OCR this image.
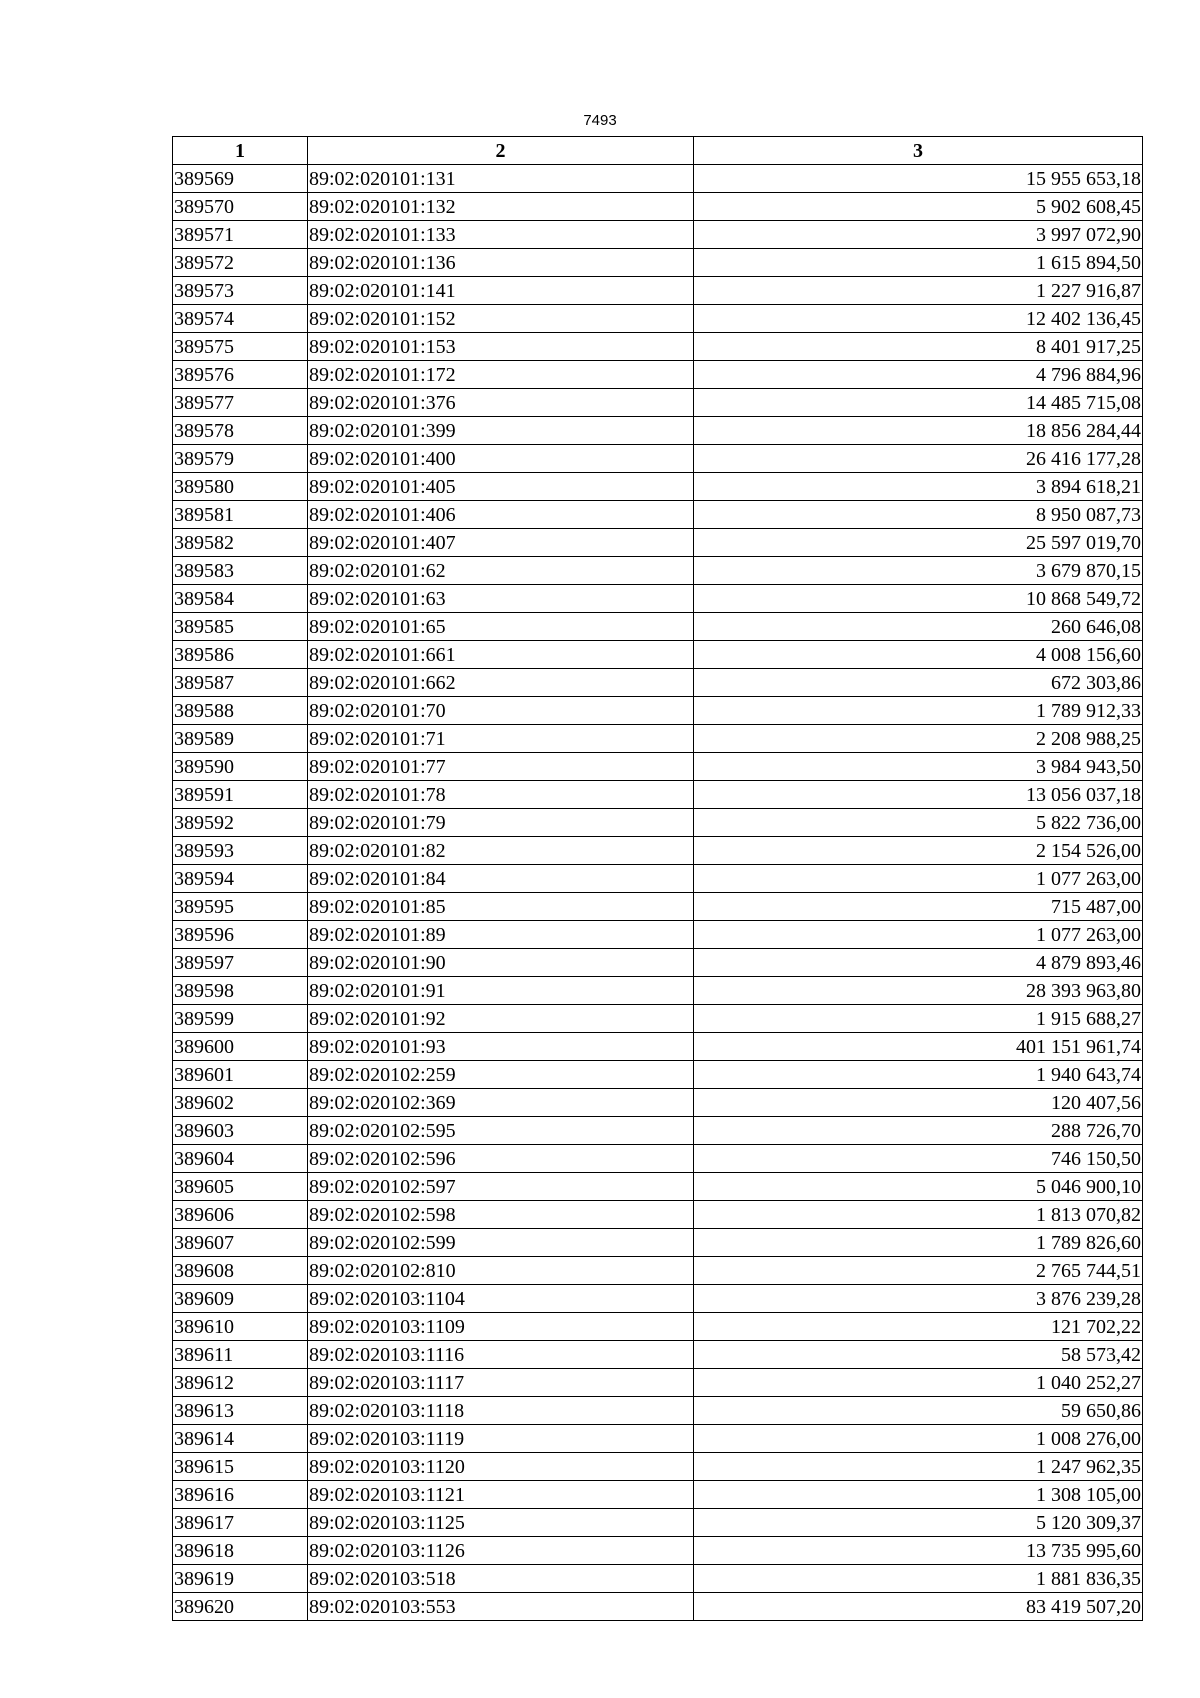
7493
1	2	3
389569	89:02:020101:131	15 955 653,18
389570	89:02:020101:132	5 902 608,45
389571	89:02:020101:133	3 997 072,90
389572	89:02:020101:136	1 615 894,50
389573	89:02:020101:141	1 227 916,87
389574	89:02:020101:152	12 402 136,45
389575	89:02:020101:153	8 401 917,25
389576	89:02:020101:172	4 796 884,96
389577	89:02:020101:376	14 485 715,08
389578	89:02:020101:399	18 856 284,44
389579	89:02:020101:400	26 416 177,28
389580	89:02:020101:405	3 894 618,21
389581	89:02:020101:406	8 950 087,73
389582	89:02:020101:407	25 597 019,70
389583	89:02:020101:62	3 679 870,15
389584	89:02:020101:63	10 868 549,72
389585	89:02:020101:65	260 646,08
389586	89:02:020101:661	4 008 156,60
389587	89:02:020101:662	672 303,86
389588	89:02:020101:70	1 789 912,33
389589	89:02:020101:71	2 208 988,25
389590	89:02:020101:77	3 984 943,50
389591	89:02:020101:78	13 056 037,18
389592	89:02:020101:79	5 822 736,00
389593	89:02:020101:82	2 154 526,00
389594	89:02:020101:84	1 077 263,00
389595	89:02:020101:85	715 487,00
389596	89:02:020101:89	1 077 263,00
389597	89:02:020101:90	4 879 893,46
389598	89:02:020101:91	28 393 963,80
389599	89:02:020101:92	1 915 688,27
389600	89:02:020101:93	401 151 961,74
389601	89:02:020102:259	1 940 643,74
389602	89:02:020102:369	120 407,56
389603	89:02:020102:595	288 726,70
389604	89:02:020102:596	746 150,50
389605	89:02:020102:597	5 046 900,10
389606	89:02:020102:598	1 813 070,82
389607	89:02:020102:599	1 789 826,60
389608	89:02:020102:810	2 765 744,51
389609	89:02:020103:1104	3 876 239,28
389610	89:02:020103:1109	121 702,22
389611	89:02:020103:1116	58 573,42
389612	89:02:020103:1117	1 040 252,27
389613	89:02:020103:1118	59 650,86
389614	89:02:020103:1119	1 008 276,00
389615	89:02:020103:1120	1 247 962,35
389616	89:02:020103:1121	1 308 105,00
389617	89:02:020103:1125	5 120 309,37
389618	89:02:020103:1126	13 735 995,60
389619	89:02:020103:518	1 881 836,35
389620	89:02:020103:553	83 419 507,20
